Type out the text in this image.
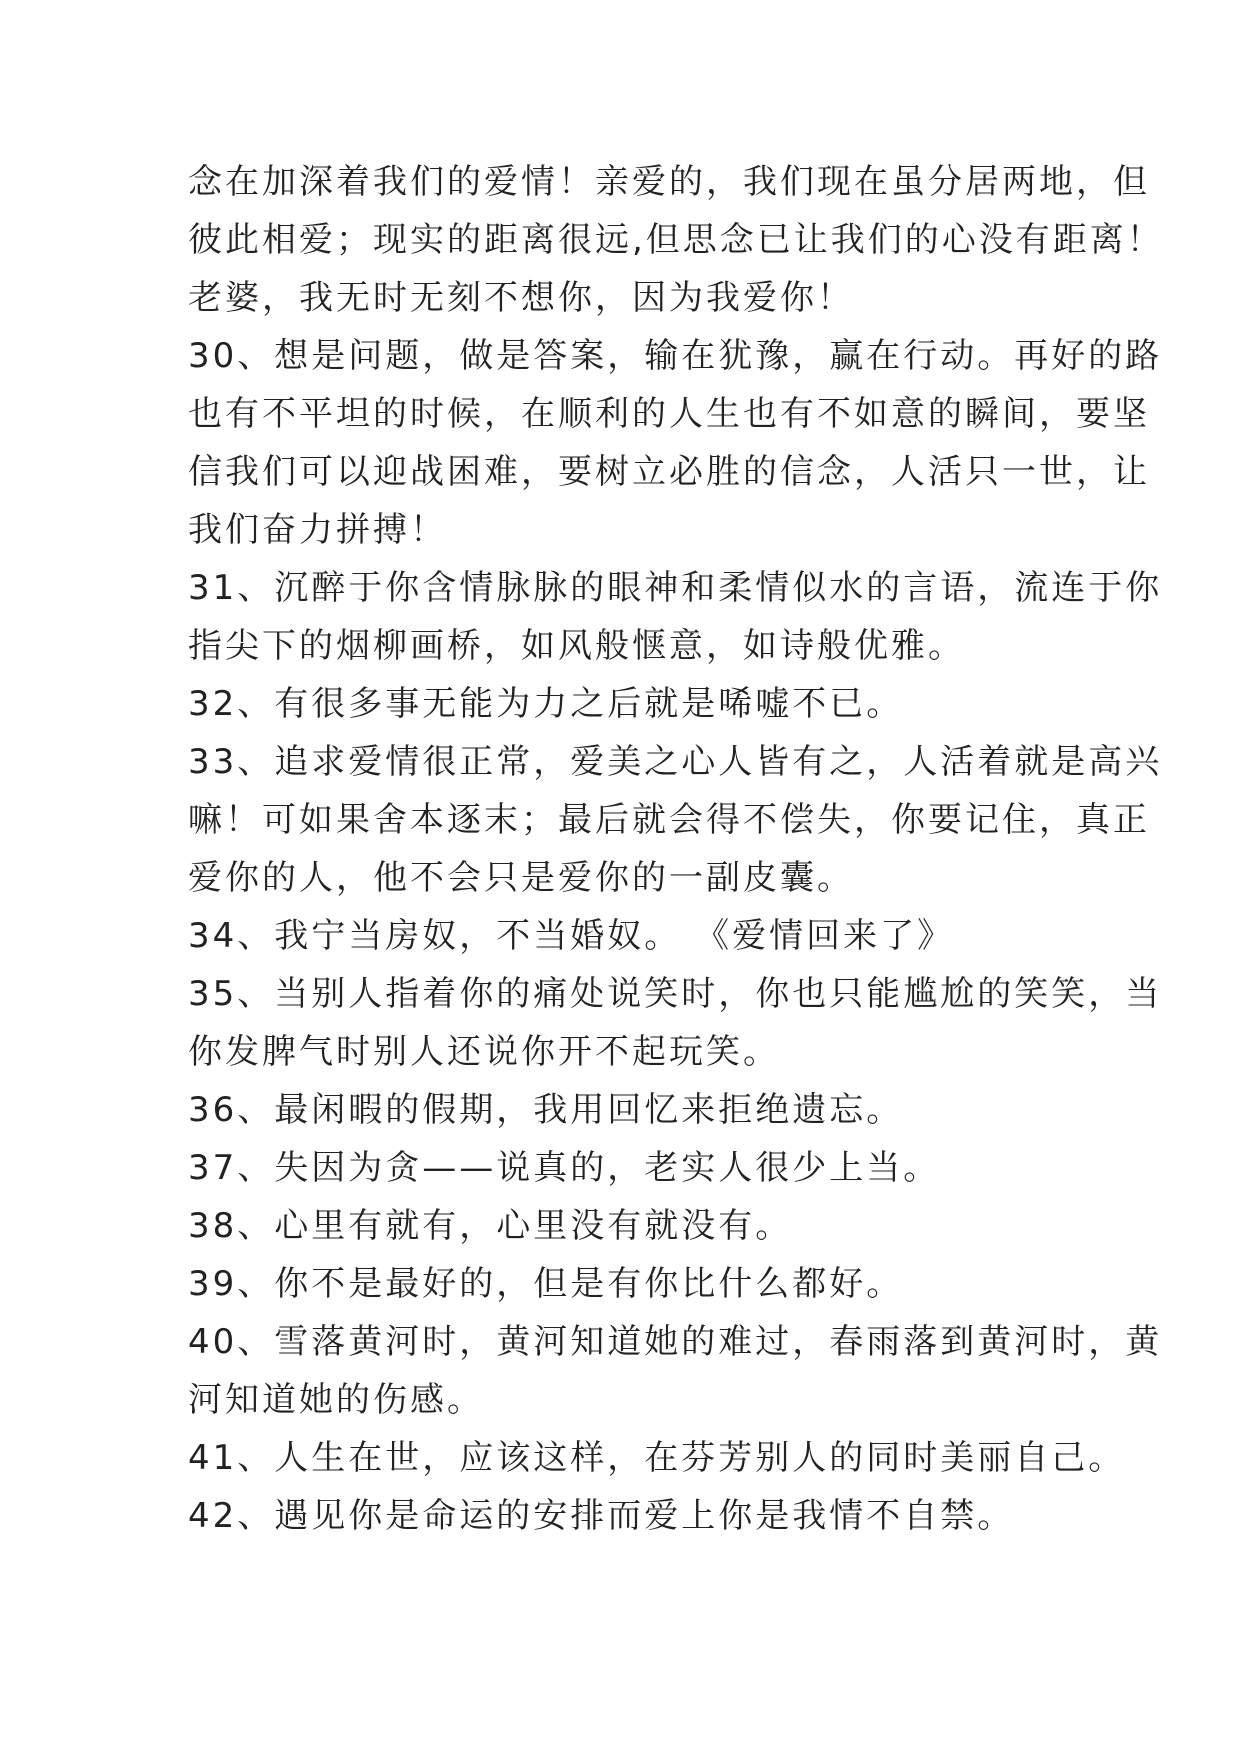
念在加深着我们的爱情！亲爱的，我们现在虽分居两地，但
彼此相爱；现实的距离很远,但思念已让我们的心没有距离！
老婆，我无时无刻不想你，因为我爱你！
30、想是问题，做是答案，输在犹豫，赢在行动。再好的路
也有不平坦的时候，在顺利的人生也有不如意的瞬间，要坚
信我们可以迎战困难，要树立必胜的信念，人活只一世，让
我们奋力拼搏！
31、沉醉于你含情脉脉的眼神和柔情似水的言语，流连于你
指尖下的烟柳画桥，如风般惬意，如诗般优雅。
32、有很多事无能为力之后就是唏嘘不已。
33、追求爱情很正常，爱美之心人皆有之，人活着就是高兴
嘛！可如果舍本逐末；最后就会得不偿失，你要记住，真正
爱你的人，他不会只是爱你的一副皮囊。
34、我宁当房奴，不当婚奴。 《爱情回来了》
35、当别人指着你的痛处说笑时，你也只能尴尬的笑笑，当
你发脾气时别人还说你开不起玩笑。
36、最闲暇的假期，我用回忆来拒绝遗忘。
37、失因为贪——说真的，老实人很少上当。
38、心里有就有，心里没有就没有。
39、你不是最好的，但是有你比什么都好。
40、雪落黄河时，黄河知道她的难过，春雨落到黄河时，黄
河知道她的伤感。
41、人生在世，应该这样，在芬芳别人的同时美丽自己。
42、遇见你是命运的安排而爱上你是我情不自禁。
